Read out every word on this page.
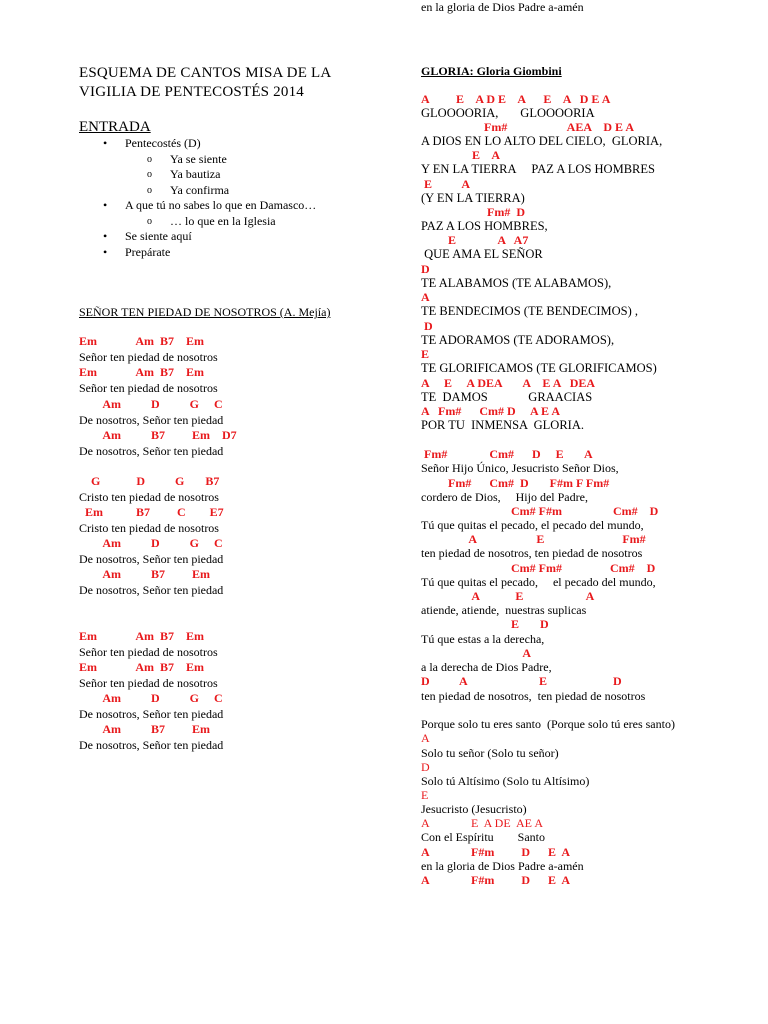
ESQUEMA DE CANTOS MISA DE LA
VIGILIA DE PENTECOSTÉS 2014
ENTRADA
• Pentecostés (D)
o Ya se siente
o Ya bautiza
o Ya confirma
• A que tú no sabes lo que en Damasco…
o … lo que en la Iglesia
• Se siente aquí
• Prepárate
SEÑOR TEN PIEDAD DE NOSOTROS (A. Mejía)
Em             Am  B7    Em
Señor ten piedad de nosotros
Em             Am  B7    Em
Señor ten piedad de nosotros
Am          D          G     C
De nosotros, Señor ten piedad
Am          B7         Em    D7
De nosotros, Señor ten piedad
G            D          G       B7
Cristo ten piedad de nosotros
Em           B7         C        E7
Cristo ten piedad de nosotros
Am          D          G     C
De nosotros, Señor ten piedad
Am          B7         Em
De nosotros, Señor ten piedad
Em             Am  B7    Em
Señor ten piedad de nosotros
Em             Am  B7    Em
Señor ten piedad de nosotros
Am          D          G     C
De nosotros, Señor ten piedad
Am          B7         Em
De nosotros, Señor ten piedad
GLORIA: Gloria Giombini
A         E    A D E    A      E    A   D E A
GLOOOORIA,       GLOOOORIA
Fm#                    AEA    D E A
A DIOS EN LO ALTO DEL CIELO,  GLORIA,
E    A
Y EN LA TIERRA     PAZ A LOS HOMBRES
E          A
(Y EN LA TIERRA)
Fm#  D
PAZ A LOS HOMBRES,
E              A   A7
QUE AMA EL SEÑOR
D
TE ALABAMOS (TE ALABAMOS),
A
TE BENDECIMOS (TE BENDECIMOS) ,
D
TE ADORAMOS (TE ADORAMOS),
E
TE GLORIFICAMOS (TE GLORIFICAMOS)
A     E     A DEA       A    E A   DEA
TE  DAMOS             GRAACIAS
A   Fm#      Cm# D     A E A
POR TU  INMENSA  GLORIA.
Fm#              Cm#      D     E       A
Señor Hijo Único, Jesucristo Señor Dios,
Fm#      Cm#  D       F#m F Fm#
cordero de Dios,     Hijo del Padre,
Cm# F#m                 Cm#    D
Tú que quitas el pecado, el pecado del mundo,
A                    E                          Fm#
ten piedad de nosotros, ten piedad de nosotros
Cm# Fm#                Cm#    D
Tú que quitas el pecado,     el pecado del mundo,
A            E                     A
atiende, atiende,  nuestras suplicas
E       D
Tú que estas a la derecha,
A
a la derecha de Dios Padre,
D          A                        E                      D
ten piedad de nosotros,  ten piedad de nosotros
Porque solo tu eres santo  (Porque solo tú eres santo)
A
Solo tu señor (Solo tu señor)
D
Solo tú Altísimo (Solo tu Altísimo)
E
Jesucristo (Jesucristo)
A              E  A DE  AE A
Con el Espíritu        Santo
A              F#m         D      E  A
en la gloria de Dios Padre a-amén
A              F#m         D      E  A
en la gloria de Dios Padre a-amén
